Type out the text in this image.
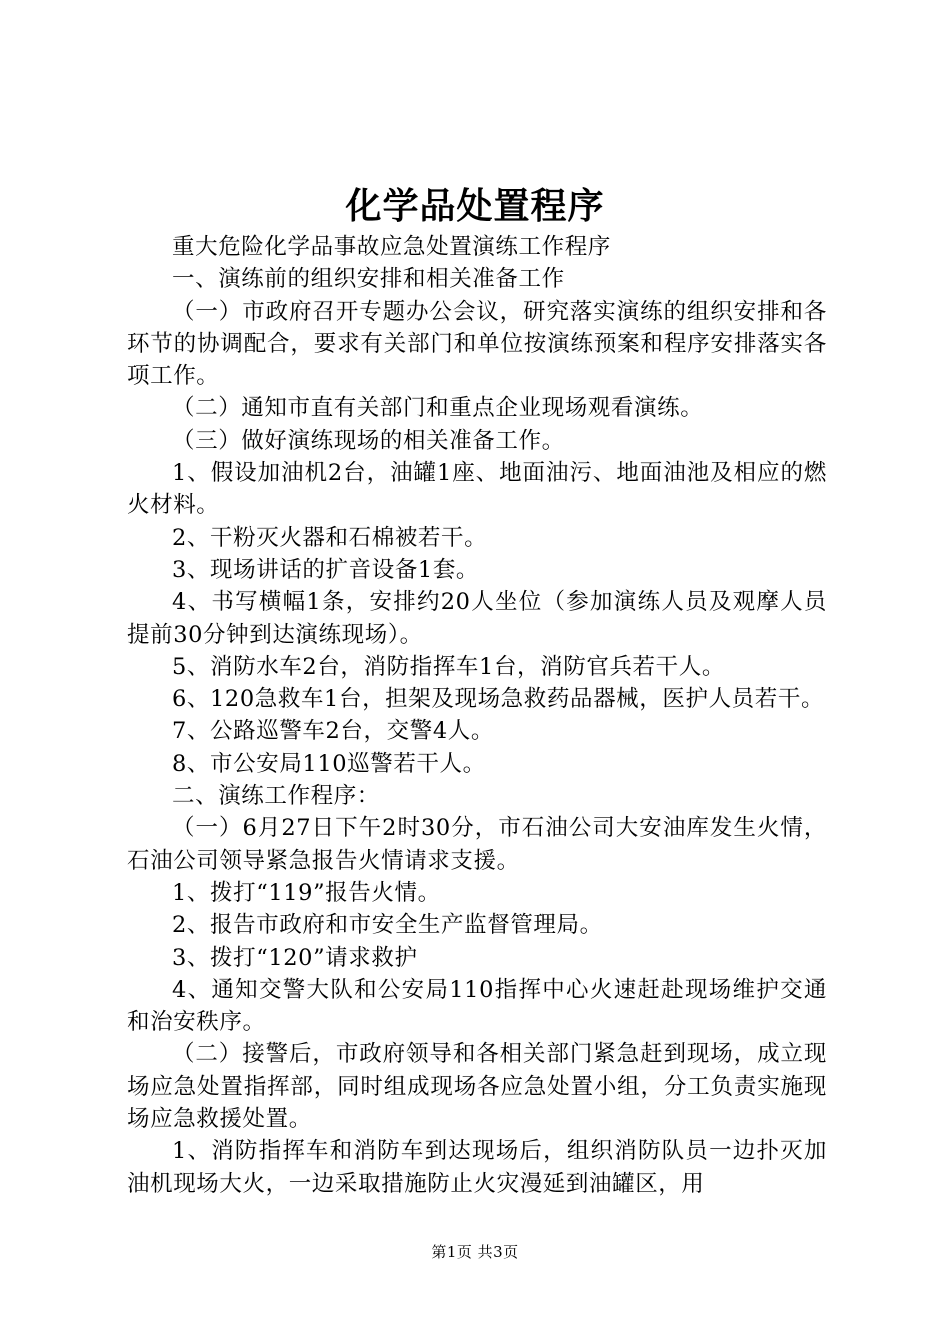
化学品处置程序

重大危险化学品事故应急处置演练工作程序

一、演练前的组织安排和相关准备工作

（一）市政府召开专题办公会议，研究落实演练的组织安排和各环节的协调配合，要求有关部门和单位按演练预案和程序安排落实各项工作。

（二）通知市直有关部门和重点企业现场观看演练。

（三）做好演练现场的相关准备工作。

1、假设加油机2台，油罐1座、地面油污、地面油池及相应的燃火材料。

2、干粉灭火器和石棉被若干。

3、现场讲话的扩音设备1套。

4、书写横幅1条，安排约20人坐位（参加演练人员及观摩人员提前30分钟到达演练现场）。

5、消防水车2台，消防指挥车1台，消防官兵若干人。

6、120急救车1台，担架及现场急救药品器械，医护人员若干。

7、公路巡警车2台，交警4人。

8、市公安局110巡警若干人。

二、演练工作程序：

（一）6月27日下午2时30分，市石油公司大安油库发生火情，石油公司领导紧急报告火情请求支援。

1、拨打“119”报告火情。

2、报告市政府和市安全生产监督管理局。

3、拨打“120”请求救护

4、通知交警大队和公安局110指挥中心火速赶赴现场维护交通和治安秩序。

（二）接警后，市政府领导和各相关部门紧急赶到现场，成立现场应急处置指挥部，同时组成现场各应急处置小组，分工负责实施现场应急救援处置。

1、消防指挥车和消防车到达现场后，组织消防队员一边扑灭加油机现场大火，一边采取措施防止火灾漫延到油罐区，用

第1页 共3页
